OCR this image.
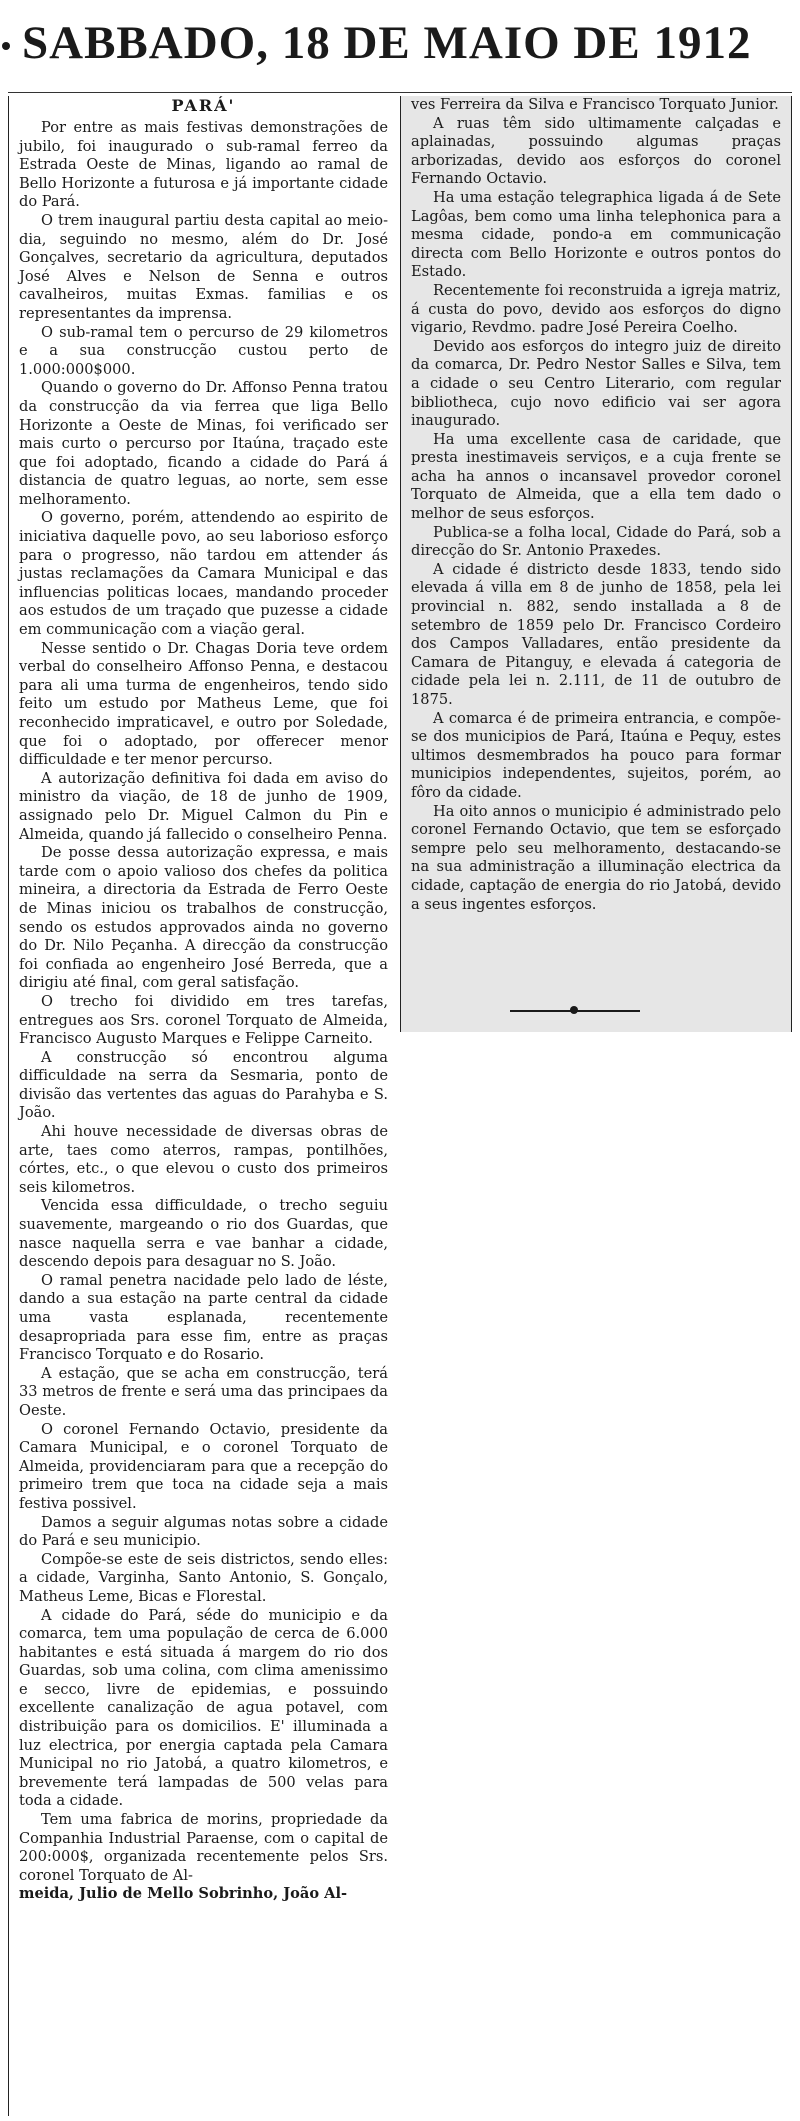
SABBADO, 18 DE MAIO DE 1912
PARÁ'

Por entre as mais festivas demonstrações de jubilo, foi inaugurado o sub-ramal ferreo da Estrada Oeste de Minas, ligando ao ramal de Bello Horizonte a futurosa e já importante cidade do Pará.

O trem inaugural partiu desta capital ao meio-dia, seguindo no mesmo, além do Dr. José Gonçalves, secretario da agricultura, deputados José Alves e Nelson de Senna e outros cavalheiros, muitas Exmas. familias e os representantes da imprensa.

O sub-ramal tem o percurso de 29 kilometros e a sua construcção custou perto de 1.000:000$000.

Quando o governo do Dr. Affonso Penna tratou da construcção da via ferrea que liga Bello Horizonte a Oeste de Minas, foi verificado ser mais curto o percurso por Itaúna, traçado este que foi adoptado, ficando a cidade do Pará á distancia de quatro leguas, ao norte, sem esse melhoramento.

O governo, porém, attendendo ao espirito de iniciativa daquelle povo, ao seu laborioso esforço para o progresso, não tardou em attender ás justas reclamações da Camara Municipal e das influencias politicas locaes, mandando proceder aos estudos de um traçado que puzesse a cidade em communicação com a viação geral.

Nesse sentido o Dr. Chagas Doria teve ordem verbal do conselheiro Affonso Penna, e destacou para ali uma turma de engenheiros, tendo sido feito um estudo por Matheus Leme, que foi reconhecido impraticavel, e outro por Soledade, que foi o adoptado, por offerecer menor difficuldade e ter menor percurso.

A autorização definitiva foi dada em aviso do ministro da viação, de 18 de junho de 1909, assignado pelo Dr. Miguel Calmon du Pin e Almeida, quando já fallecido o conselheiro Penna.

De posse dessa autorização expressa, e mais tarde com o apoio valioso dos chefes da politica mineira, a directoria da Estrada de Ferro Oeste de Minas iniciou os trabalhos de construcção, sendo os estudos approvados ainda no governo do Dr. Nilo Peçanha. A direcção da construcção foi confiada ao engenheiro José Berreda, que a dirigiu até final, com geral satisfação.

O trecho foi dividido em tres tarefas, entregues aos Srs. coronel Torquato de Almeida, Francisco Augusto Marques e Felippe Carneito.

A construcção só encontrou alguma difficuldade na serra da Sesmaria, ponto de divisão das vertentes das aguas do Parahyba e S. João.

Ahi houve necessidade de diversas obras de arte, taes como aterros, rampas, pontilhões, córtes, etc., o que elevou o custo dos primeiros seis kilometros.

Vencida essa difficuldade, o trecho seguiu suavemente, margeando o rio dos Guardas, que nasce naquella serra e vae banhar a cidade, descendo depois para desaguar no S. João.

O ramal penetra nacidade pelo lado de léste, dando a sua estação na parte central da cidade uma vasta esplanada, recentemente desapropriada para esse fim, entre as praças Francisco Torquato e do Rosario.

A estação, que se acha em construcção, terá 33 metros de frente e será uma das principaes da Oeste.

O coronel Fernando Octavio, presidente da Camara Municipal, e o coronel Torquato de Almeida, providenciaram para que a recepção do primeiro trem que toca na cidade seja a mais festiva possivel.

Damos a seguir algumas notas sobre a cidade do Pará e seu municipio.

Compõe-se este de seis districtos, sendo elles: a cidade, Varginha, Santo Antonio, S. Gonçalo, Matheus Leme, Bicas e Florestal.

A cidade do Pará, séde do municipio e da comarca, tem uma população de cerca de 6.000 habitantes e está situada á margem do rio dos Guardas, sob uma colina, com clima amenissimo e secco, livre de epidemias, e possuindo excellente canalização de agua potavel, com distribuição para os domicilios. E' illuminada a luz electrica, por energia captada pela Camara Municipal no rio Jatobá, a quatro kilometros, e brevemente terá lampadas de 500 velas para toda a cidade.

Tem uma fabrica de morins, propriedade da Companhia Industrial Paraense, com o capital de 200:000$, organizada recentemente pelos Srs. coronel Torquato de Al-

meida, Julio de Mello Sobrinho, João Al-

ves Ferreira da Silva e Francisco Torquato Junior.

A ruas têm sido ultimamente calçadas e aplainadas, possuindo algumas praças arborizadas, devido aos esforços do coronel Fernando Octavio.

Ha uma estação telegraphica ligada á de Sete Lagôas, bem como uma linha telephonica para a mesma cidade, pondo-a em communicação directa com Bello Horizonte e outros pontos do Estado.

Recentemente foi reconstruida a igreja matriz, á custa do povo, devido aos esforços do digno vigario, Revdmo. padre José Pereira Coelho.

Devido aos esforços do integro juiz de direito da comarca, Dr. Pedro Nestor Salles e Silva, tem a cidade o seu Centro Literario, com regular bibliotheca, cujo novo edificio vai ser agora inaugurado.

Ha uma excellente casa de caridade, que presta inestimaveis serviços, e a cuja frente se acha ha annos o incansavel provedor coronel Torquato de Almeida, que a ella tem dado o melhor de seus esforços.

Publica-se a folha local, Cidade do Pará, sob a direcção do Sr. Antonio Praxedes.

A cidade é districto desde 1833, tendo sido elevada á villa em 8 de junho de 1858, pela lei provincial n. 882, sendo installada a 8 de setembro de 1859 pelo Dr. Francisco Cordeiro dos Campos Valladares, então presidente da Camara de Pitanguy, e elevada á categoria de cidade pela lei n. 2.111, de 11 de outubro de 1875.

A comarca é de primeira entrancia, e compõe-se dos municipios de Pará, Itaúna e Pequy, estes ultimos desmembrados ha pouco para formar municipios independentes, sujeitos, porém, ao fôro da cidade.

Ha oito annos o municipio é administrado pelo coronel Fernando Octavio, que tem se esforçado sempre pelo seu melhoramento, destacando-se na sua administração a illuminação electrica da cidade, captação de energia do rio Jatobá, devido a seus ingentes esforços.
